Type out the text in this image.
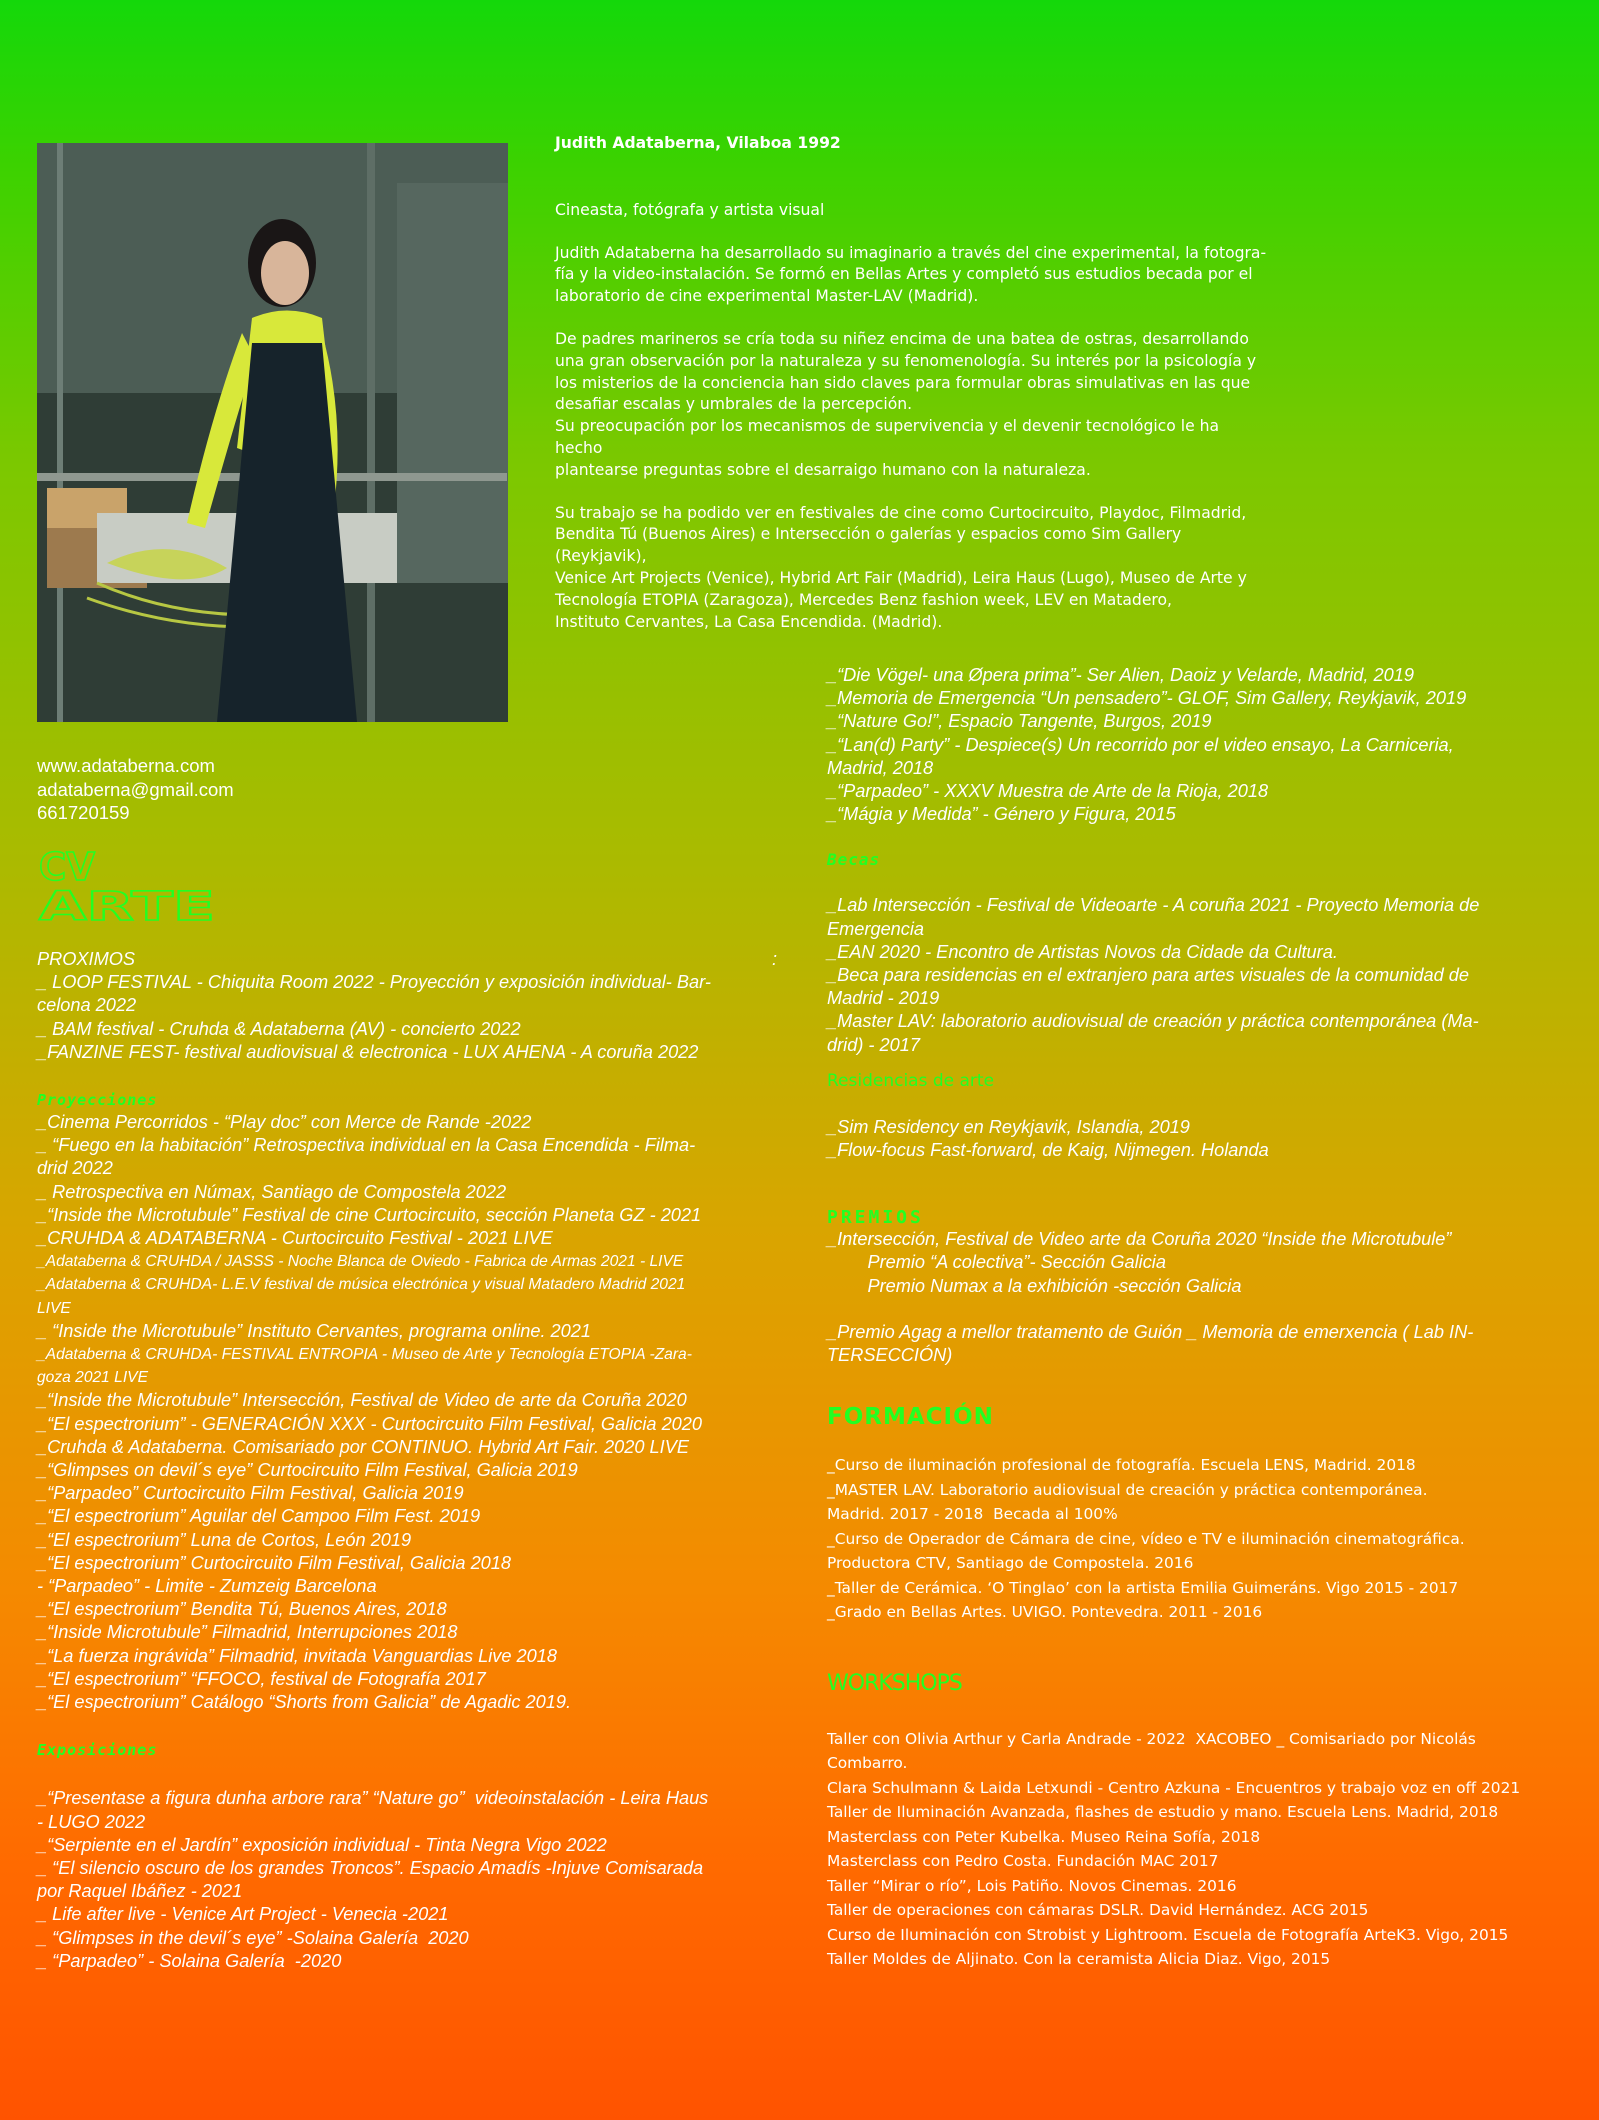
Judith Adataberna, Vilaboa 1992

Cineasta, fotógrafa y artista visual

Judith Adataberna ha desarrollado su imaginario a través del cine experimental, la fotogra-
fía y la video-instalación. Se formó en Bellas Artes y completó sus estudios becada por el
laboratorio de cine experimental Master-LAV (Madrid).

De padres marineros se cría toda su niñez encima de una batea de ostras, desarrollando
una gran observación por la naturaleza y su fenomenología. Su interés por la psicología y
los misterios de la conciencia han sido claves para formular obras simulativas en las que
desafiar escalas y umbrales de la percepción.
Su preocupación por los mecanismos de supervivencia y el devenir tecnológico le ha hecho
plantearse preguntas sobre el desarraigo humano con la naturaleza.

Su trabajo se ha podido ver en festivales de cine como Curtocircuito, Playdoc, Filmadrid,
Bendita Tú (Buenos Aires) e Intersección o galerías y espacios como Sim Gallery (Reykjavik),
Venice Art Projects (Venice), Hybrid Art Fair (Madrid), Leira Haus (Lugo), Museo de Arte y
Tecnología ETOPIA (Zaragoza), Mercedes Benz fashion week, LEV en Matadero,
Instituto Cervantes, La Casa Encendida. (Madrid).

www.adataberna.com
adataberna@gmail.com
661720159
CV
ARTE
PROXIMOS	:
_ LOOP FESTIVAL - Chiquita Room 2022 - Proyección y exposición individual- Bar-
celona 2022
_ BAM festival - Cruhda & Adataberna (AV) - concierto 2022
_FANZINE FEST- festival audiovisual & electronica - LUX AHENA - A coruña 2022
Proyecciones
_Cinema Percorridos - “Play doc” con Merce de Rande -2022
_ “Fuego en la habitación” Retrospectiva individual en la Casa Encendida - Filma-
drid 2022
_ Retrospectiva en Númax, Santiago de Compostela 2022
_“Inside the Microtubule” Festival de cine Curtocircuito, sección Planeta GZ - 2021
_CRUHDA & ADATABERNA - Curtocircuito Festival - 2021 LIVE
_Adataberna & CRUHDA / JASSS - Noche Blanca de Oviedo - Fabrica de Armas 2021 - LIVE
_Adataberna & CRUHDA- L.E.V festival de música electrónica y visual Matadero Madrid 2021
LIVE
_ “Inside the Microtubule” Instituto Cervantes, programa online. 2021
_Adataberna & CRUHDA- FESTIVAL ENTROPIA - Museo de Arte y Tecnología ETOPIA -Zara-
goza 2021 LIVE
_“Inside the Microtubule” Intersección, Festival de Video de arte da Coruña 2020
_“El espectrorium” - GENERACIÓN XXX - Curtocircuito Film Festival, Galicia 2020
_Cruhda & Adataberna. Comisariado por CONTINUO. Hybrid Art Fair. 2020 LIVE
_“Glimpses on devil´s eye” Curtocircuito Film Festival, Galicia 2019
_“Parpadeo” Curtocircuito Film Festival, Galicia 2019
_“El espectrorium” Aguilar del Campoo Film Fest. 2019
_“El espectrorium” Luna de Cortos, León 2019
_“El espectrorium” Curtocircuito Film Festival, Galicia 2018
- “Parpadeo” - Limite - Zumzeig Barcelona
_“El espectrorium” Bendita Tú, Buenos Aires, 2018
_“Inside Microtubule” Filmadrid, Interrupciones 2018
_“La fuerza ingrávida” Filmadrid, invitada Vanguardias Live 2018
_“El espectrorium” “FFOCO, festival de Fotografía 2017
_“El espectrorium” Catálogo “Shorts from Galicia” de Agadic 2019.
Exposiciones
_“Presentase a figura dunha arbore rara” “Nature go”  videoinstalación - Leira Haus
- LUGO 2022
_“Serpiente en el Jardín” exposición individual - Tinta Negra Vigo 2022
_ “El silencio oscuro de los grandes Troncos”. Espacio Amadís -Injuve Comisarada
por Raquel Ibáñez - 2021
_ Life after live - Venice Art Project - Venecia -2021
_ “Glimpses in the devil´s eye” -Solaina Galería  2020
_ “Parpadeo” - Solaina Galería  -2020
_“Die Vögel- una Øpera prima”- Ser Alien, Daoiz y Velarde, Madrid, 2019
_Memoria de Emergencia “Un pensadero”- GLOF, Sim Gallery, Reykjavik, 2019
_“Nature Go!”, Espacio Tangente, Burgos, 2019
_“Lan(d) Party” - Despiece(s) Un recorrido por el video ensayo, La Carniceria,
Madrid, 2018
_“Parpadeo” - XXXV Muestra de Arte de la Rioja, 2018
_“Mágia y Medida” - Género y Figura, 2015
Becas
_Lab Intersección - Festival de Videoarte - A coruña 2021 - Proyecto Memoria de
Emergencia
_EAN 2020 - Encontro de Artistas Novos da Cidade da Cultura.
_Beca para residencias en el extranjero para artes visuales de la comunidad de
Madrid - 2019
_Master LAV: laboratorio audiovisual de creación y práctica contemporánea (Ma-
drid) - 2017
Residencias de arte
_Sim Residency en Reykjavik, Islandia, 2019
_Flow-focus Fast-forward, de Kaig, Nijmegen. Holanda
PREMIOS
_Intersección, Festival de Video arte da Coruña 2020 “Inside the Microtubule”
Premio “A colectiva”- Sección Galicia
Premio Numax a la exhibición -sección Galicia
_Premio Agag a mellor tratamento de Guión _ Memoria de emerxencia ( Lab IN-
TERSECCIÓN)
FORMACIÓN
_Curso de iluminación profesional de fotografía. Escuela LENS, Madrid. 2018
_MASTER LAV. Laboratorio audiovisual de creación y práctica contemporánea.
Madrid. 2017 - 2018  Becada al 100%
_Curso de Operador de Cámara de cine, vídeo e TV e iluminación cinematográfica.
Productora CTV, Santiago de Compostela. 2016
_Taller de Cerámica. ‘O Tinglao’ con la artista Emilia Guimeráns. Vigo 2015 - 2017
_Grado en Bellas Artes. UVIGO. Pontevedra. 2011 - 2016
WORKSHOPS
Taller con Olivia Arthur y Carla Andrade - 2022  XACOBEO _ Comisariado por Nicolás
Combarro.
Clara Schulmann & Laida Letxundi - Centro Azkuna - Encuentros y trabajo voz en off 2021
Taller de Iluminación Avanzada, flashes de estudio y mano. Escuela Lens. Madrid, 2018
Masterclass con Peter Kubelka. Museo Reina Sofía, 2018
Masterclass con Pedro Costa. Fundación MAC 2017
Taller “Mirar o río”, Lois Patiño. Novos Cinemas. 2016
Taller de operaciones con cámaras DSLR. David Hernández. ACG 2015
Curso de Iluminación con Strobist y Lightroom. Escuela de Fotografía ArteK3. Vigo, 2015
Taller Moldes de Aljinato. Con la ceramista Alicia Diaz. Vigo, 2015
